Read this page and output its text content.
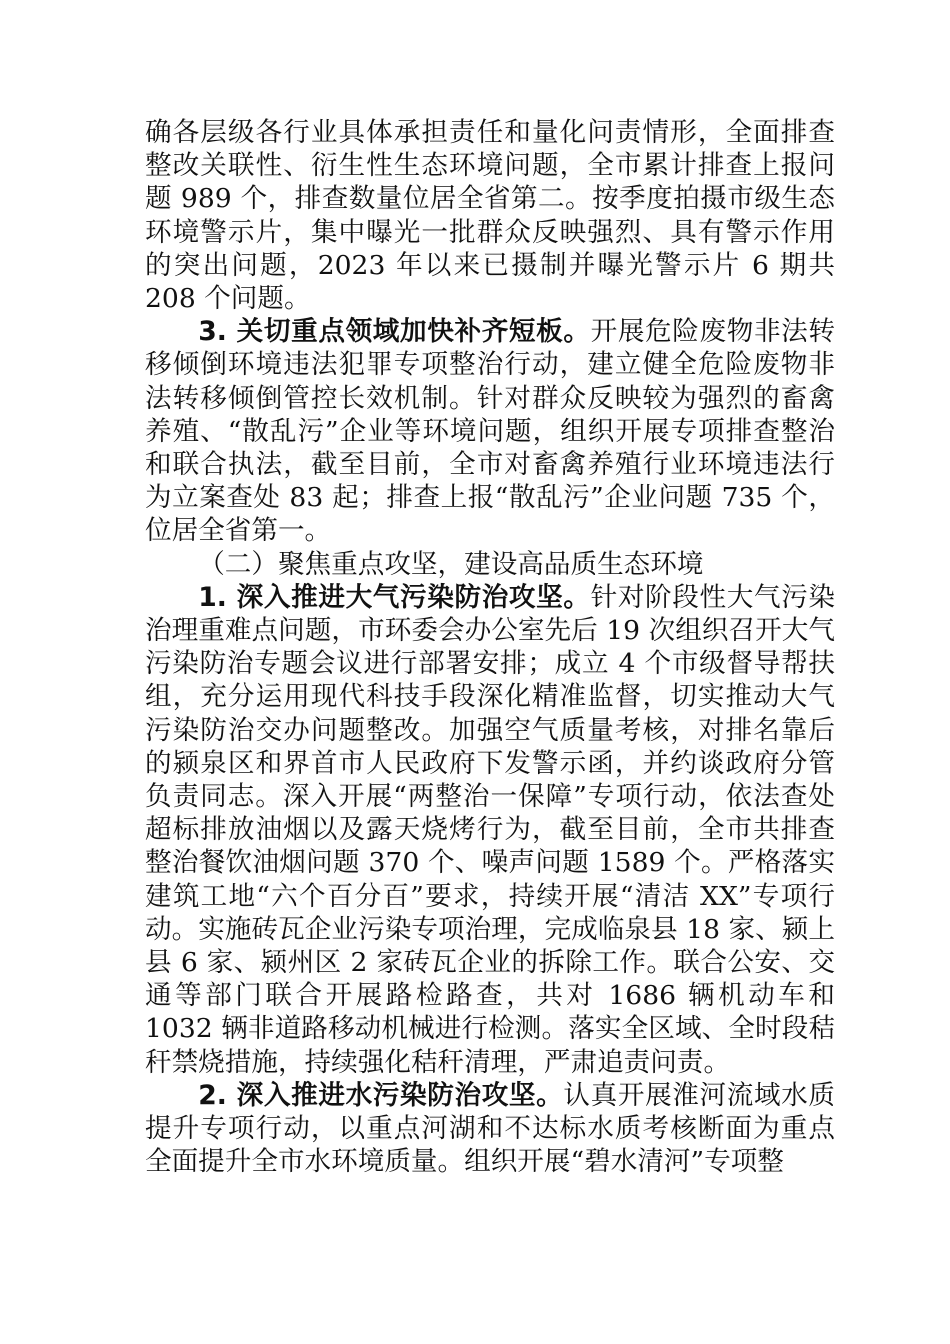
确各层级各行业具体承担责任和量化问责情形，全面排查整改关联性、衍生性生态环境问题，全市累计排查上报问题 989 个，排查数量位居全省第二。按季度拍摄市级生态环境警示片，集中曝光一批群众反映强烈、具有警示作用的突出问题，2023 年以来已摄制并曝光警示片 6 期共 208 个问题。

3. 关切重点领域加快补齐短板。开展危险废物非法转移倾倒环境违法犯罪专项整治行动，建立健全危险废物非法转移倾倒管控长效机制。针对群众反映较为强烈的畜禽养殖、“散乱污”企业等环境问题，组织开展专项排查整治和联合执法，截至目前，全市对畜禽养殖行业环境违法行为立案查处 83 起；排查上报“散乱污”企业问题 735 个，位居全省第一。

（二）聚焦重点攻坚，建设高品质生态环境

1. 深入推进大气污染防治攻坚。针对阶段性大气污染治理重难点问题，市环委会办公室先后 19 次组织召开大气污染防治专题会议进行部署安排；成立 4 个市级督导帮扶组，充分运用现代科技手段深化精准监督，切实推动大气污染防治交办问题整改。加强空气质量考核，对排名靠后的颍泉区和界首市人民政府下发警示函，并约谈政府分管负责同志。深入开展“两整治一保障”专项行动，依法查处超标排放油烟以及露天烧烤行为，截至目前，全市共排查整治餐饮油烟问题 370 个、噪声问题 1589 个。严格落实建筑工地“六个百分百”要求，持续开展“清洁 XX”专项行动。实施砖瓦企业污染专项治理，完成临泉县 18 家、颍上县 6 家、颍州区 2 家砖瓦企业的拆除工作。联合公安、交通等部门联合开展路检路查，共对 1686 辆机动车和 1032 辆非道路移动机械进行检测。落实全区域、全时段秸秆禁烧措施，持续强化秸秆清理，严肃追责问责。

2. 深入推进水污染防治攻坚。认真开展淮河流域水质提升专项行动，以重点河湖和不达标水质考核断面为重点全面提升全市水环境质量。组织开展“碧水清河”专项整
